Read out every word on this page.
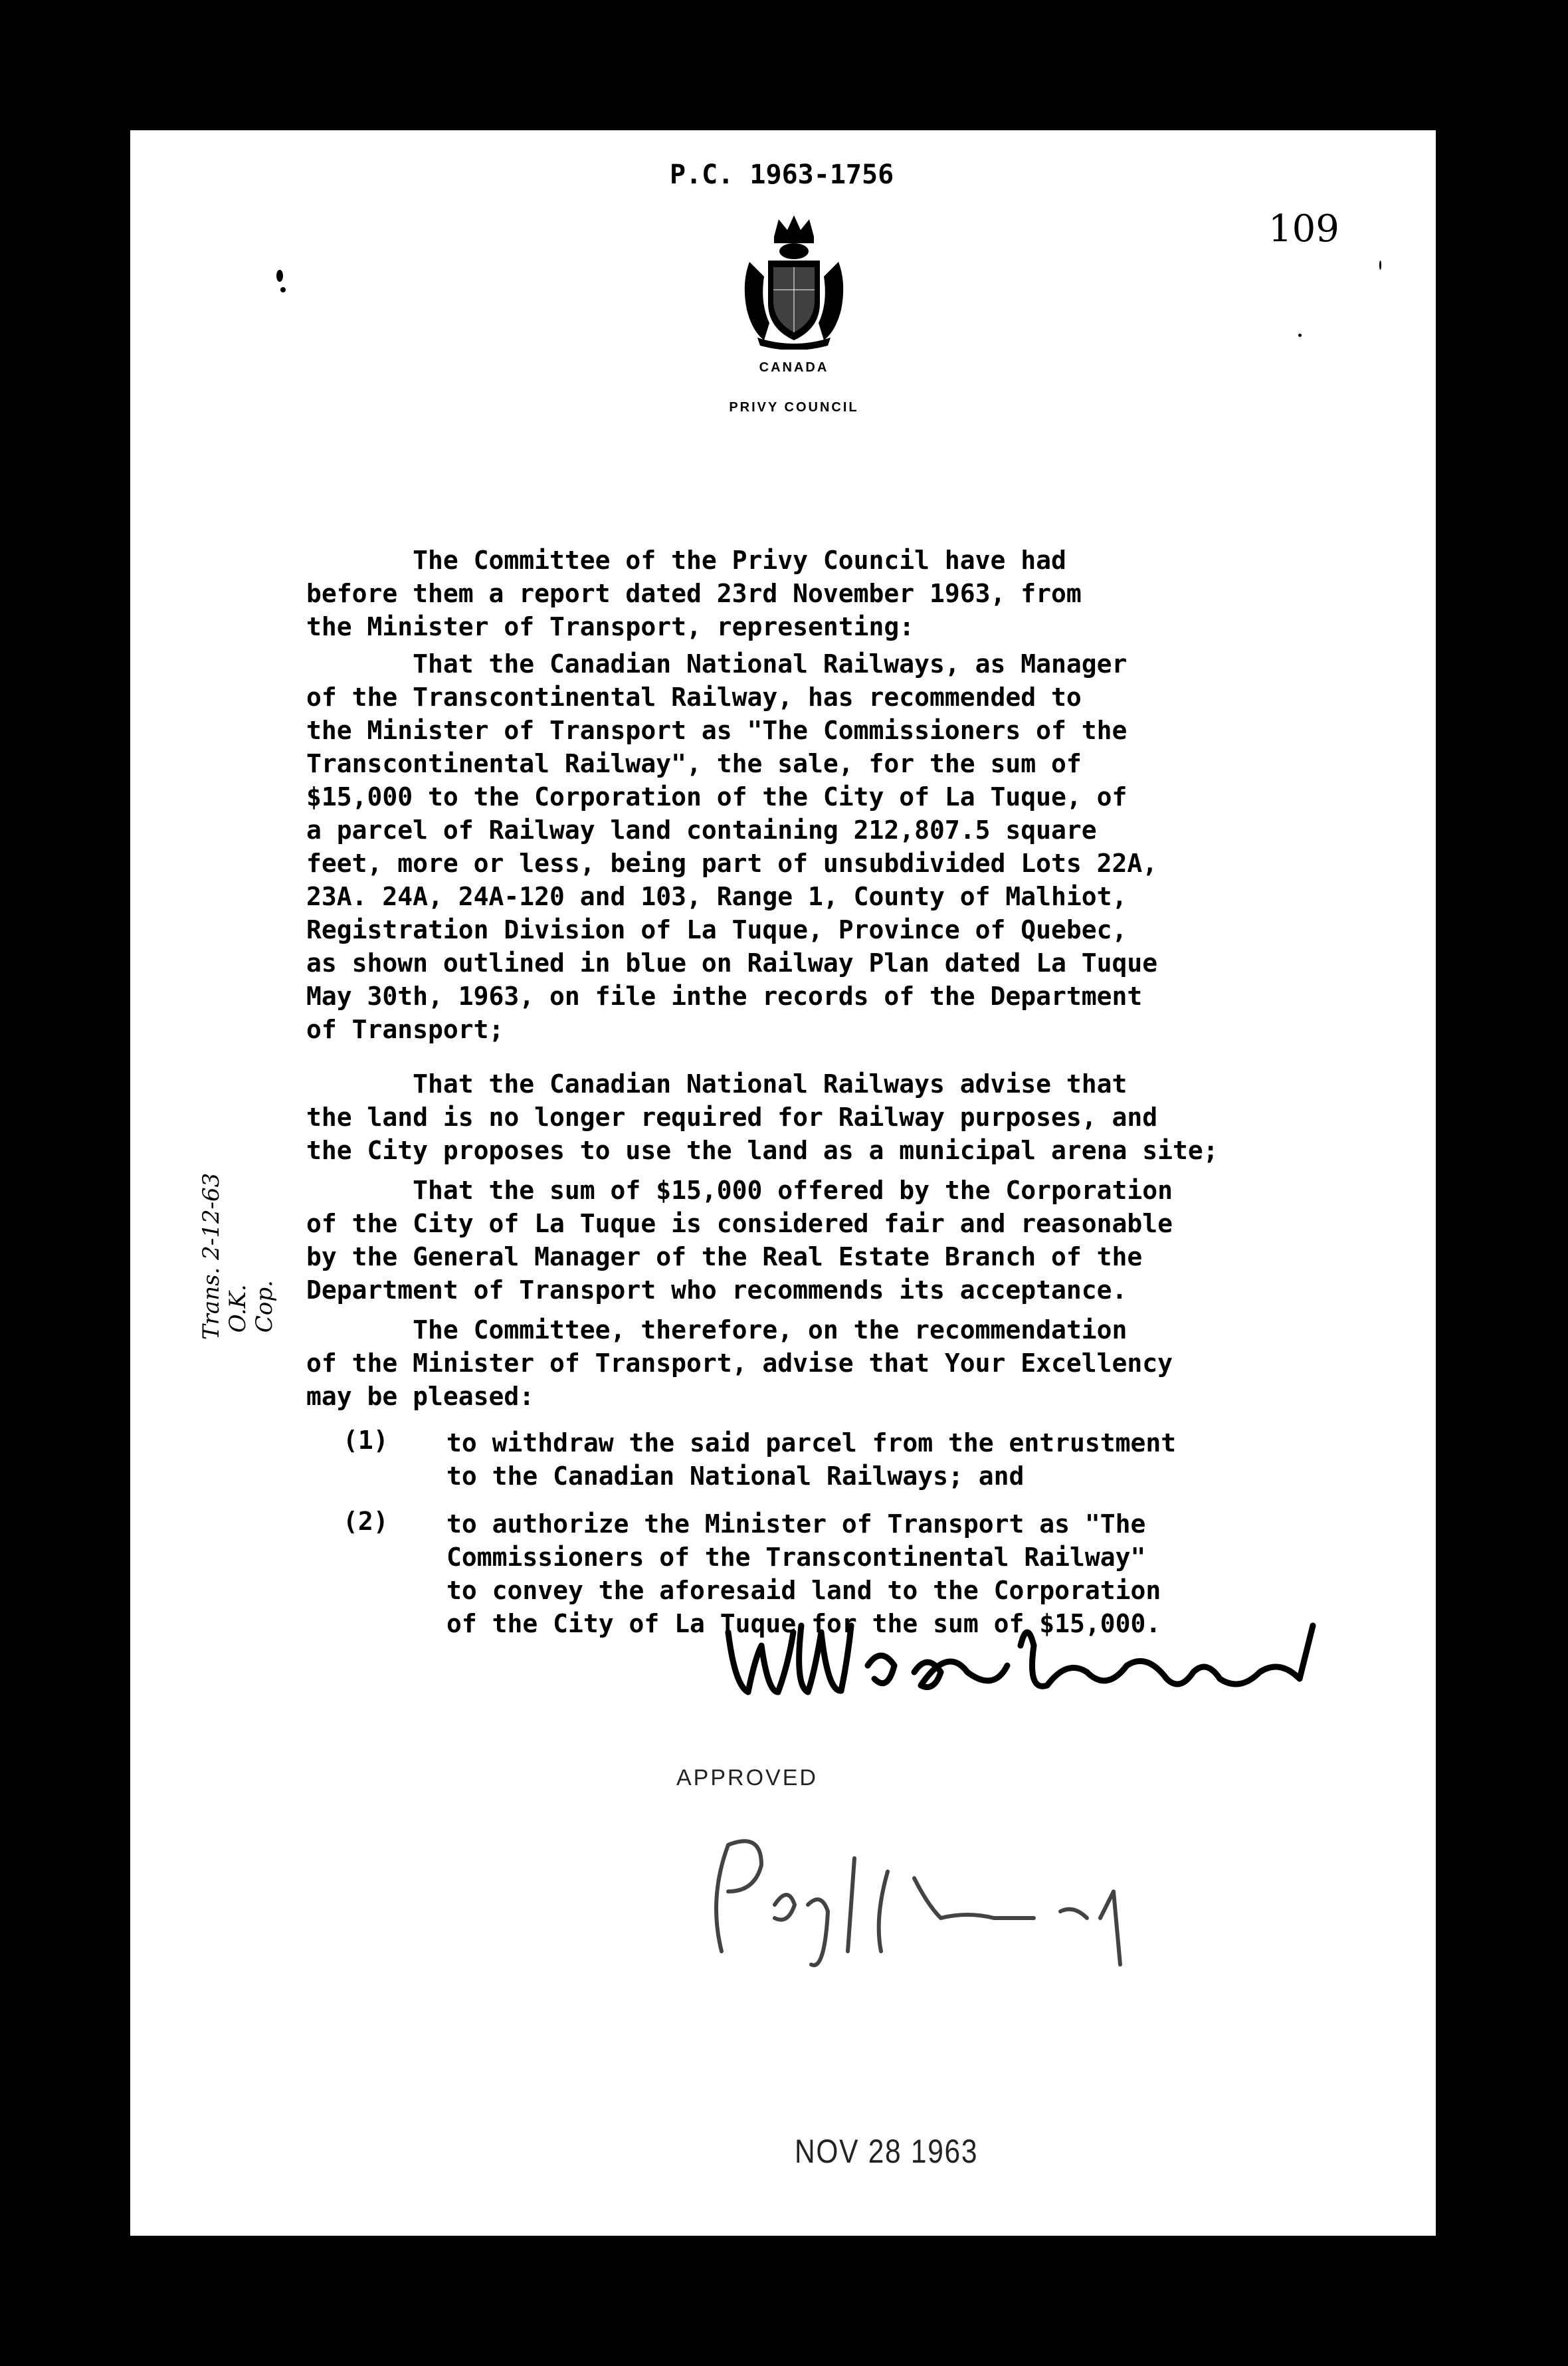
P.C. 1963-1756
109
CANADA
PRIVY COUNCIL
The Committee of the Privy Council have had
before them a report dated 23rd November 1963, from
the Minister of Transport, representing:
That the Canadian National Railways, as Manager
of the Transcontinental Railway, has recommended to
the Minister of Transport as "The Commissioners of the
Transcontinental Railway", the sale, for the sum of
$15,000 to the Corporation of the City of La Tuque, of
a parcel of Railway land containing 212,807.5 square
feet, more or less, being part of unsubdivided Lots 22A,
23A. 24A, 24A-120 and 103, Range 1, County of Malhiot,
Registration Division of La Tuque, Province of Quebec,
as shown outlined in blue on Railway Plan dated La Tuque
May 30th, 1963, on file inthe records of the Department
of Transport;
That the Canadian National Railways advise that
the land is no longer required for Railway purposes, and
the City proposes to use the land as a municipal arena site;
That the sum of $15,000 offered by the Corporation
of the City of La Tuque is considered fair and reasonable
by the General Manager of the Real Estate Branch of the
Department of Transport who recommends its acceptance.
The Committee, therefore, on the recommendation
of the Minister of Transport, advise that Your Excellency
may be pleased:
(1) to withdraw the said parcel from the entrustment
to the Canadian National Railways; and
(2) to authorize the Minister of Transport as "The
Commissioners of the Transcontinental Railway"
to convey the aforesaid land to the Corporation
of the City of La Tuque for the sum of $15,000.
Trans. 2-12-63
O.K.
Cop.
APPROVED
NOV 28 1963
